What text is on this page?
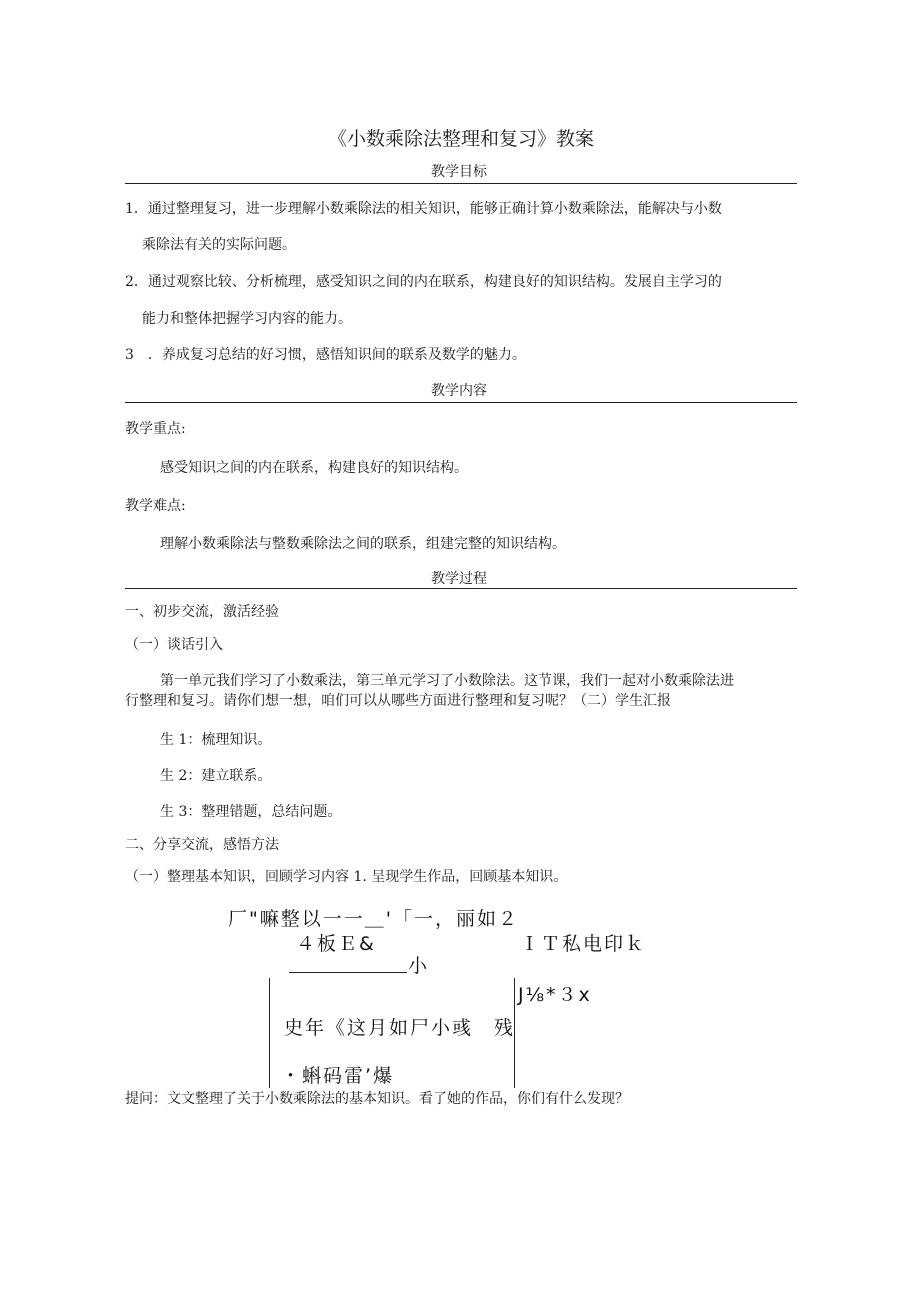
《小数乘除法整理和复习》教案
教学目标
1．通过整理复习，进一步理解小数乘除法的相关知识，能够正确计算小数乘除法，能解决与小数
乘除法有关的实际问题。
2．通过观察比较、分析梳理，感受知识之间的内在联系，构建良好的知识结构。发展自主学习的
能力和整体把握学习内容的能力。
3　．养成复习总结的好习惯，感悟知识间的联系及数学的魅力。
教学内容
教学重点:
感受知识之间的内在联系，构建良好的知识结构。
教学难点:
理解小数乘除法与整数乘除法之间的联系，组建完整的知识结构。
教学过程
一、初步交流，激活经验
（一）谈话引入
第一单元我们学习了小数乘法，第三单元学习了小数除法。这节课，我们一起对小数乘除法进
行整理和复习。请你们想一想，咱们可以从哪些方面进行整理和复习呢？（二）学生汇报
生 1：梳理知识。
生 2：建立联系。
生 3：整理错题，总结问题。
二、分享交流，感悟方法
（一）整理基本知识，回顾学习内容 1. 呈现学生作品，回顾基本知识。
厂"嘛整以一一＿'「一，丽如２
４板Ｅ&	ＩＴ私电印ｋ
小
史年《这月如尸小彧　残
J⅛*３x
・蝌码雷’爆
提问：文文整理了关于小数乘除法的基本知识。看了她的作品，你们有什么发现？
